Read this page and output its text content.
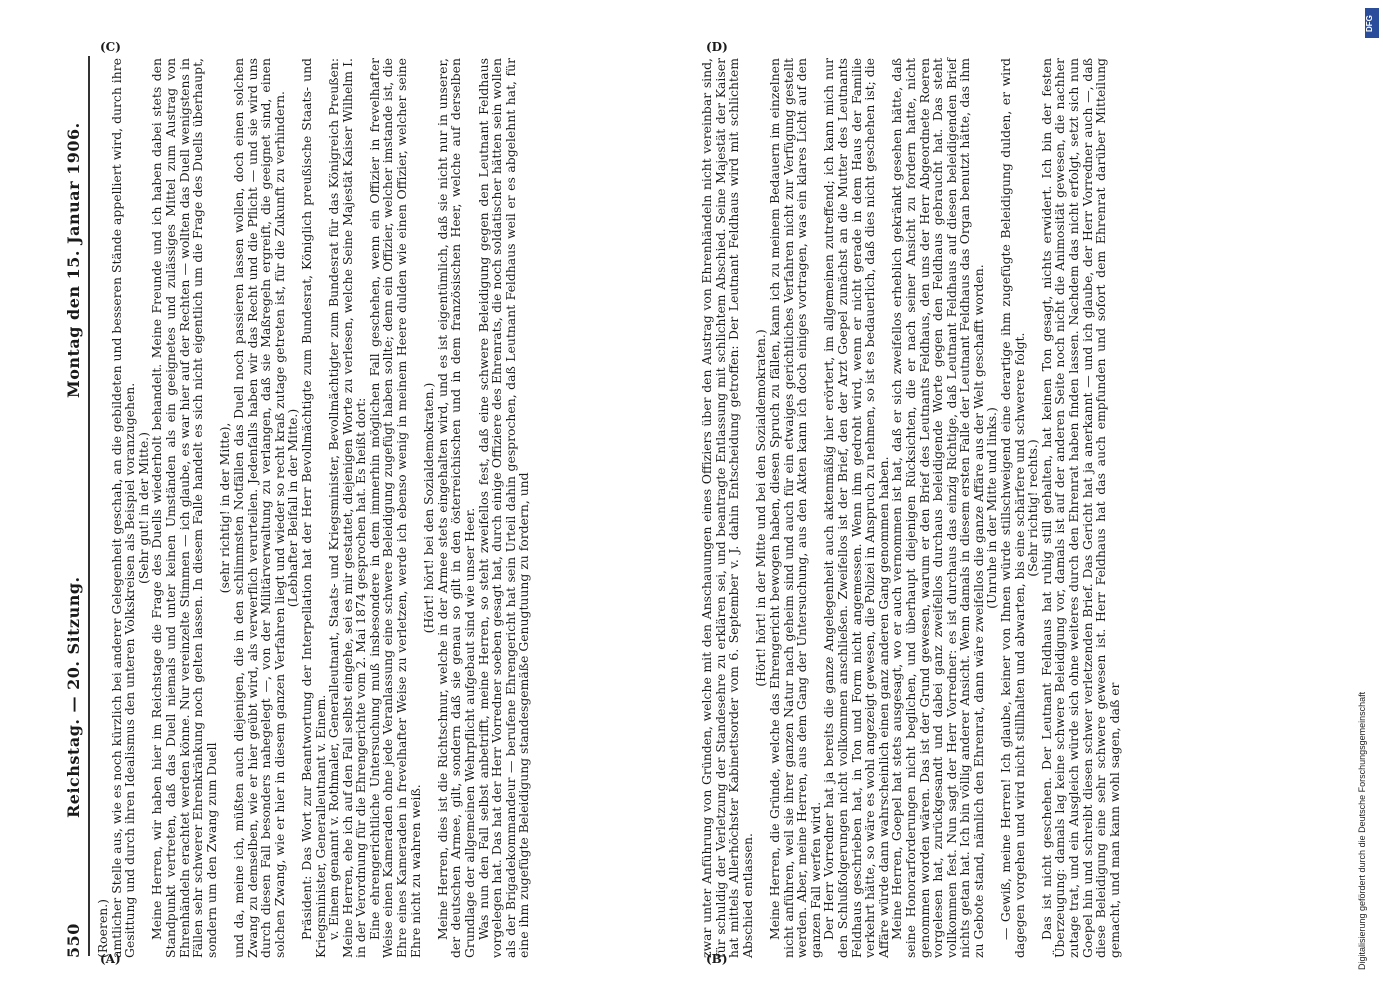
550
Reichstag. — 20. Sitzung.
Montag den 15. Januar 1906.
(A)	(B)
(C)	(D)

(Roeren.)

amtlicher Stelle aus, wie es noch kürzlich bei anderer Gelegenheit geschah, an die gebildeten und besseren Stände appelliert wird, durch ihre Gesittung und durch ihren Idealismus den unteren Volkskreisen als Beispiel voranzugehen.

(Sehr gut! in der Mitte.)

Meine Herren, wir haben hier im Reichstage die Frage des Duells wiederholt behandelt. Meine Freunde und ich haben dabei stets den Standpunkt vertreten, daß das Duell niemals und unter keinen Umständen als ein geeignetes und zulässiges Mittel zum Austrag von Ehrenhändeln erachtet werden könne. Nur vereinzelte Stimmen — ich glaube, es war hier auf der Rechten — wollten das Duell wenigstens in Fällen sehr schwerer Ehrenkränkung noch gelten lassen. In diesem Falle handelt es sich nicht eigentlich um die Frage des Duells überhaupt, sondern um den Zwang zum Duell

(sehr richtig! in der Mitte),

und da, meine ich, müßten auch diejenigen, die in den schlimmsten Notfällen das Duell noch passieren lassen wollen, doch einen solchen Zwang zu demselben, wie er hier geübt wird, als verwerflich verurteilen. Jedenfalls haben wir das Recht und die Pflicht — und sie wird uns durch diesen Fall besonders nahegelegt —, von der Militärverwaltung zu verlangen, daß sie Maßregeln ergreift, die geeignet sind, einen solchen Zwang, wie er hier in diesem ganzen Verfahren liegt und wieder so recht kraß zutage getreten ist, für die Zukunft zu verhindern.

(Lebhafter Beifall in der Mitte.)

Präsident: Das Wort zur Beantwortung der Interpellation hat der Herr Bevollmächtigte zum Bundesrat, Königlich preußische Staats- und Kriegsminister, Generalleutnant v. Einem.

v. Einem genannt v. Rothmaler, Generalleutnant, Staats- und Kriegsminister, Bevollmächtigter zum Bundesrat für das Königreich Preußen: Meine Herren, ehe ich auf den Fall selbst eingehe, sei es mir gestattet, diejenigen Worte zu verlesen, welche Seine Majestät Kaiser Wilhelm I. in der Verordnung für die Ehrengerichte vom 2. Mai 1874 gesprochen hat. Es heißt dort:

Eine ehrengerichtliche Untersuchung muß insbesondere in dem immerhin möglichen Fall geschehen, wenn ein Offizier in frevelhafter Weise einen Kameraden ohne jede Veranlassung eine schwere Beleidigung zugefügt haben sollte; denn ein Offizier, welcher imstande ist, die Ehre eines Kameraden in frevelhafter Weise zu verletzen, werde ich ebenso wenig in meinem Heere dulden wie einen Offizier, welcher seine Ehre nicht zu wahren weiß.

(Hört! hört! bei den Sozialdemokraten.)

Meine Herren, dies ist die Richtschnur, welche in der Armee stets eingehalten wird, und es ist eigentümlich, daß sie nicht nur in unserer, der deutschen Armee, gilt, sondern daß sie genau so gilt in den österreichischen und in dem französischen Heer, welche auf derselben Grundlage der allgemeinen Wehrpflicht aufgebaut sind wie unser Heer.

Was nun den Fall selbst anbetrifft, meine Herren, so steht zweifellos fest, daß eine schwere Beleidigung gegen den Leutnant Feldhaus vorgelegen hat. Das hat der Herr Vorredner soeben gesagt hat, durch einige Offiziere des Ehrenrats, die noch soldatischer hätten sein wollen als der Brigadekommandeur — berufene Ehrengericht hat sein Urteil dahin gesprochen, daß Leutnant Feldhaus weil er es abgelehnt hat, für eine ihm zugefügte Beleidigung standesgemäße Genugtuung zu fordern, und	zwar unter Anführung von Gründen, welche mit den Anschauungen eines Offiziers über den Austrag von Ehrenhändeln nicht vereinbar sind, für schuldig der Verletzung der Standesehre zu erklären sei, und beantragte Entlassung mit schlichtem Abschied. Seine Majestät der Kaiser hat mittels Allerhöchster Kabinettsorder vom 6. September v. J. dahin Entscheidung getroffen: Der Leutnant Feldhaus wird mit schlichtem Abschied entlassen.

(Hört! hört! in der Mitte und bei den Sozialdemokraten.)

Meine Herren, die Gründe, welche das Ehrengericht bewogen haben, diesen Spruch zu fällen, kann ich zu meinem Bedauern im einzelnen nicht anführen, weil sie ihrer ganzen Natur nach geheim sind und auch für ein etwaiges gerichtliches Verfahren nicht zur Verfügung gestellt werden. Aber, meine Herren, aus dem Gang der Untersuchung, aus den Akten kann ich doch einiges vortragen, was ein klares Licht auf den ganzen Fall werfen wird.

Der Herr Vorredner hat ja bereits die ganze Angelegenheit auch aktenmäßig hier erörtert, im allgemeinen zutreffend; ich kann mich nur den Schlußfolgerungen nicht vollkommen anschließen. Zweifellos ist der Brief, den der Arzt Goepel zunächst an die Mutter des Leutnants Feldhaus geschrieben hat, in Ton und Form nicht angemessen. Wenn ihm gedroht wird, wenn er nicht gerade in dem Haus der Familie verkehrt hätte, so wäre es wohl angezeigt gewesen, die Polizei in Anspruch zu nehmen, so ist es bedauerlich, daß dies nicht geschehen ist; die Affäre würde dann wahrscheinlich einen ganz anderen Gang genommen haben.

Meine Herren, Goepel hat stets ausgesagt, wo er auch vernommen ist hat, daß er sich zweifellos erheblich gekränkt gesehen hätte, daß seine Honorarforderungen nicht beglichen, und überhaupt diejenigen Rücksichten, die er nach seiner Ansicht zu fordern hatte, nicht genommen worden wären. Das ist der Grund gewesen, warum er den Brief des Leutnants Feldhaus, den uns der Herr Abgeordnete Roeren vorgelesen hat, zurückgesandt und dabei ganz zweifellos durchaus beleidigende Worte gegen den Feldhaus gebraucht hat. Das steht vollkommen fest. Nun sagt der Herr Vorredner: es ist durchaus das einzig Richtige, daß Leutnant Feldhaus auf diesen beleidigenden Brief nichts getan hat. Ich bin völlig anderer Ansicht. Wenn damals in diesem ersten Falle der Leutnant Feldhaus das Organ benutzt hätte, das ihm zu Gebote stand, nämlich den Ehrenrat, dann wäre zweifellos die ganze Affäre aus der Welt geschafft worden.

(Unruhe in der Mitte und links.)

— Gewiß, meine Herren! Ich glaube, keiner von Ihnen würde stillschweigend eine derartige ihm zugefügte Beleidigung dulden, er wird dagegen vorgehen und wird nicht stillhalten und abwarten, bis eine schärfere und schwerere folgt.

(Sehr richtig! rechts.)

Das ist nicht geschehen. Der Leutnant Feldhaus hat ruhig still gehalten, hat keinen Ton gesagt, nichts erwidert. Ich bin der festen Überzeugung: damals lag keine schwere Beleidigung vor, damals ist auf der anderen Seite noch nicht die Animosität gewesen, die nachher zutage trat, und ein Ausgleich würde sich ohne weiteres durch den Ehrenrat haben finden lassen. Nachdem das nicht erfolgt, setzt sich nun Goepel hin und schreibt diesen schwer verletzenden Brief. Das Gericht hat ja anerkannt — und ich glaube, der Herr Vorredner auch —, daß diese Beleidigung eine sehr schwere gewesen ist. Herr Feldhaus hat das auch empfunden und sofort dem Ehrenrat darüber Mitteilung gemacht, und man kann wohl sagen, daß er

DFG
Digitalisierung gefördert durch die Deutsche Forschungsgemeinschaft
